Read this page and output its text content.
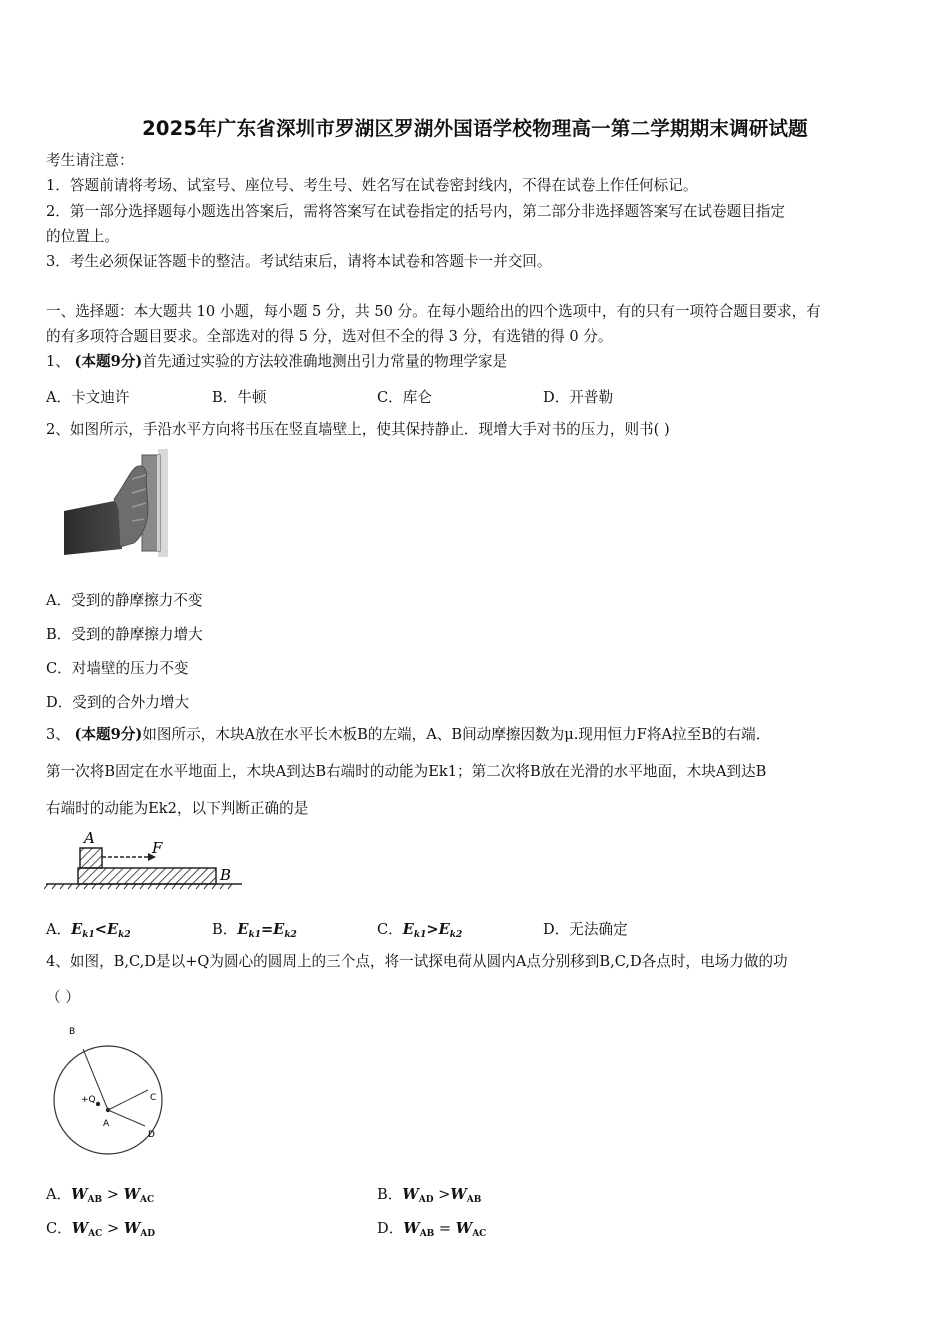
2025年广东省深圳市罗湖区罗湖外国语学校物理高一第二学期期末调研试题
考生请注意：
1．答题前请将考场、试室号、座位号、考生号、姓名写在试卷密封线内，不得在试卷上作任何标记。
2．第一部分选择题每小题选出答案后，需将答案写在试卷指定的括号内，第二部分非选择题答案写在试卷题目指定
的位置上。
3．考生必须保证答题卡的整洁。考试结束后，请将本试卷和答题卡一并交回。
一、选择题：本大题共 10 小题，每小题 5 分，共 50 分。在每小题给出的四个选项中，有的只有一项符合题目要求，有
的有多项符合题目要求。全部选对的得 5 分，选对但不全的得 3 分，有选错的得 0 分。
1、 (本题9分)首先通过实验的方法较准确地测出引力常量的物理学家是
A．卡文迪许	B．牛顿	C．库仑	D．开普勒
2、如图所示，手沿水平方向将书压在竖直墙壁上，使其保持静止．现增大手对书的压力，则书( )
A．受到的静摩擦力不变
B．受到的静摩擦力增大
C．对墙壁的压力不变
D．受到的合外力增大
3、 (本题9分)如图所示，木块A放在水平长木板B的左端，A、B间动摩擦因数为μ.现用恒力F将A拉至B的右端．
第一次将B固定在水平地面上，木块A到达B右端时的动能为Ek1；第二次将B放在光滑的水平地面，木块A到达B
右端时的动能为Ek2，以下判断正确的是
A
F
B
A．$E_{k1}<E_{k2}$	B．$E_{k1}=E_{k2}$	C．$E_{k1}>E_{k2}$	D．无法确定
4、如图，B,C,D是以+Q为圆心的圆周上的三个点，将一试探电荷从圆内A点分别移到B,C,D各点时，电场力做的功
（ ）
B
+Q	C
A
D
A．$W_{AB} > W_{AC}$	B．$W_{AD} >W_{AB}$
C．$W_{AC} > W_{AD}$	D．$W_{AB} = W_{AC}$
